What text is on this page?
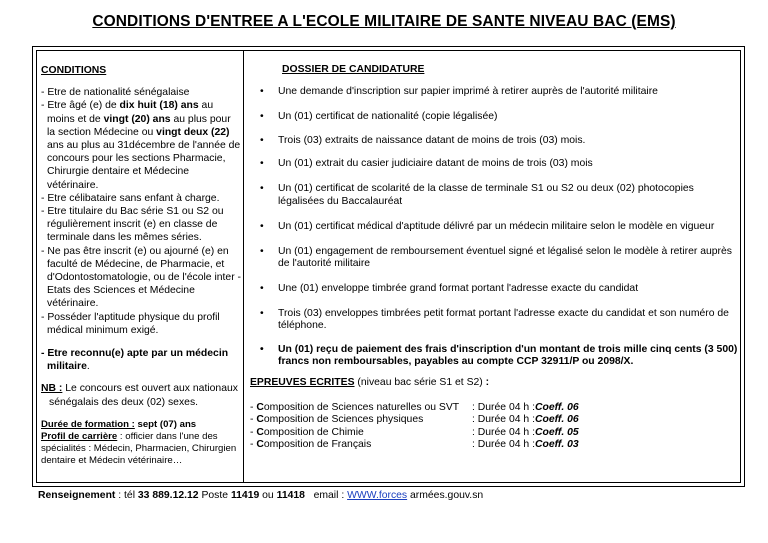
CONDITIONS D'ENTREE A L'ECOLE MILITAIRE DE SANTE NIVEAU BAC (EMS)
CONDITIONS
- Etre de nationalité sénégalaise
- Etre âgé (e) de dix huit (18) ans au moins et de vingt (20) ans au plus pour la section Médecine ou vingt deux (22) ans au plus au 31décembre de l'année de concours pour les sections Pharmacie, Chirurgie dentaire et Médecine vétérinaire.
- Etre célibataire sans enfant à charge.
- Etre titulaire du Bac série S1 ou S2 ou régulièrement inscrit (e) en classe de terminale dans les mêmes séries.
- Ne pas être inscrit (e) ou ajourné (e) en faculté de Médecine, de Pharmacie, et d'Odontostomatologie, ou de l'école inter - Etats des Sciences et Médecine vétérinaire.
- Posséder l'aptitude physique du profil médical minimum exigé.
- Etre reconnu(e) apte par un médecin militaire.
NB : Le concours est ouvert aux nationaux sénégalais des deux (02) sexes.
Durée de formation : sept (07) ans
Profil de carrière : officier dans l'une des spécialités : Médecin, Pharmacien, Chirurgien dentaire et Médecin vétérinaire…
DOSSIER DE CANDIDATURE
• Une demande d'inscription sur papier imprimé à retirer auprès de l'autorité militaire
• Un (01) certificat de nationalité (copie légalisée)
• Trois (03) extraits de naissance datant de moins de trois (03) mois.
• Un (01) extrait du casier judiciaire datant de moins de trois (03) mois
• Un (01) certificat de scolarité de la classe de terminale S1 ou S2 ou deux (02) photocopies légalisées du Baccalauréat
• Un (01) certificat médical d'aptitude délivré par un médecin militaire selon le modèle en vigueur
• Un (01) engagement de remboursement éventuel signé et légalisé selon le modèle à retirer auprès de l'autorité militaire
• Une (01) enveloppe timbrée grand format portant l'adresse exacte du candidat
• Trois (03) enveloppes timbrées petit format portant l'adresse exacte du candidat et son numéro de téléphone.
• Un (01) reçu de paiement des frais d'inscription d'un montant de trois mille cinq cents (3 500) francs non remboursables, payables au compte CCP 32911/P ou 2098/X.
EPREUVES ECRITES (niveau bac série S1 et S2) :
- Composition de Sciences naturelles ou SVT	: Durée 04 h : Coeff. 06
- Composition de Sciences physiques	: Durée 04 h : Coeff. 06
- Composition de Chimie	: Durée 04 h : Coeff. 05
- Composition de Français	: Durée 04 h : Coeff. 03
Renseignement : tél 33 889.12.12 Poste 11419 ou 11418   email : WWW.forces armées.gouv.sn
